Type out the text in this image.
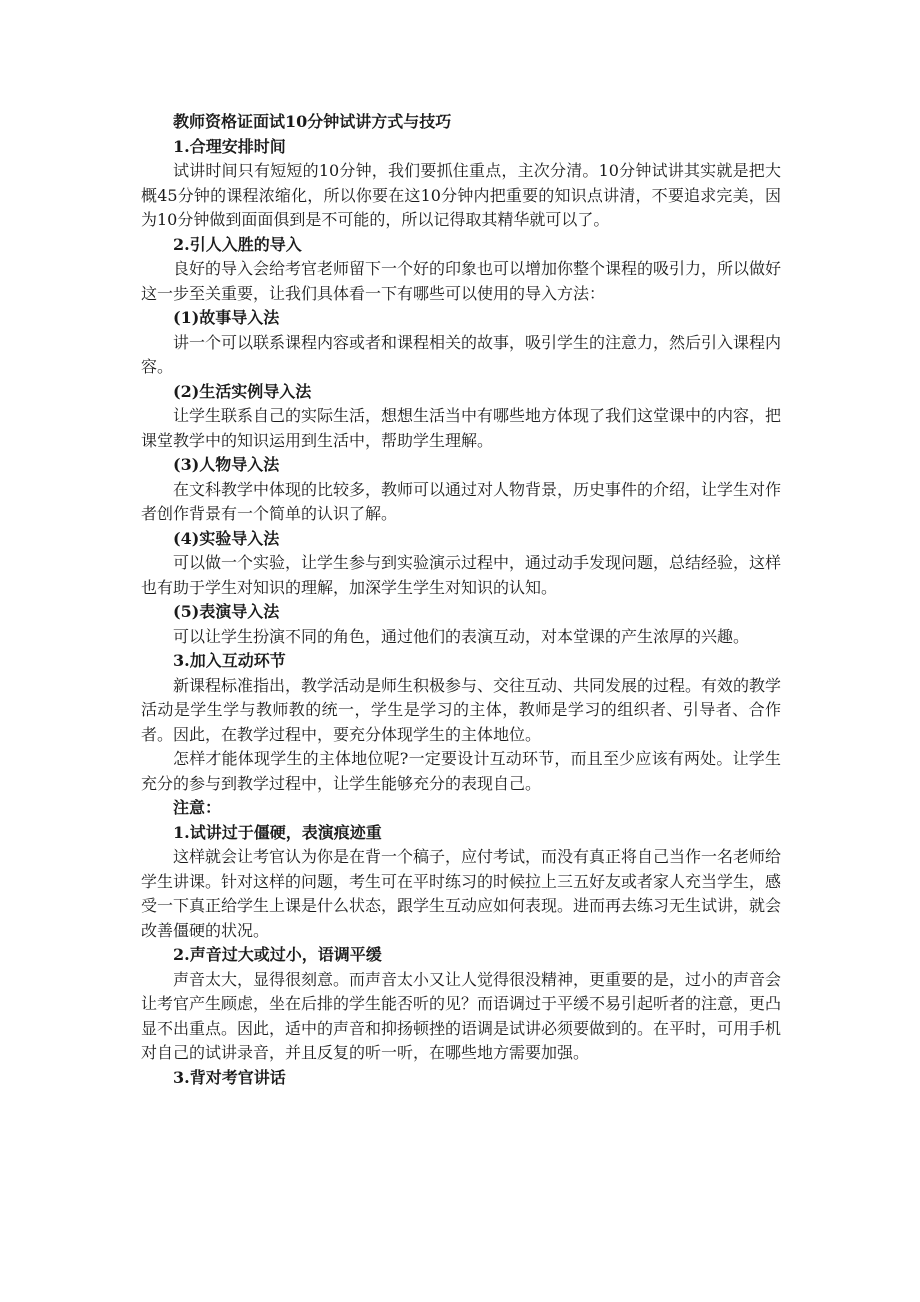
教师资格证面试10分钟试讲方式与技巧
1.合理安排时间

试讲时间只有短短的10分钟，我们要抓住重点，主次分清。10分钟试讲其实就是把大概45分钟的课程浓缩化，所以你要在这10分钟内把重要的知识点讲清，不要追求完美，因为10分钟做到面面俱到是不可能的，所以记得取其精华就可以了。

2.引人入胜的导入

良好的导入会给考官老师留下一个好的印象也可以增加你整个课程的吸引力，所以做好这一步至关重要，让我们具体看一下有哪些可以使用的导入方法：

(1)故事导入法

讲一个可以联系课程内容或者和课程相关的故事，吸引学生的注意力，然后引入课程内容。

(2)生活实例导入法

让学生联系自己的实际生活，想想生活当中有哪些地方体现了我们这堂课中的内容，把课堂教学中的知识运用到生活中，帮助学生理解。

(3)人物导入法

在文科教学中体现的比较多，教师可以通过对人物背景，历史事件的介绍，让学生对作者创作背景有一个简单的认识了解。

(4)实验导入法

可以做一个实验，让学生参与到实验演示过程中，通过动手发现问题，总结经验，这样也有助于学生对知识的理解，加深学生学生对知识的认知。

(5)表演导入法

可以让学生扮演不同的角色，通过他们的表演互动，对本堂课的产生浓厚的兴趣。

3.加入互动环节

新课程标准指出，教学活动是师生积极参与、交往互动、共同发展的过程。有效的教学活动是学生学与教师教的统一，学生是学习的主体，教师是学习的组织者、引导者、合作者。因此，在教学过程中，要充分体现学生的主体地位。

怎样才能体现学生的主体地位呢?一定要设计互动环节，而且至少应该有两处。让学生充分的参与到教学过程中，让学生能够充分的表现自己。

注意：
1.试讲过于僵硬，表演痕迹重

这样就会让考官认为你是在背一个稿子，应付考试，而没有真正将自己当作一名老师给学生讲课。针对这样的问题，考生可在平时练习的时候拉上三五好友或者家人充当学生，感受一下真正给学生上课是什么状态，跟学生互动应如何表现。进而再去练习无生试讲，就会改善僵硬的状况。

2.声音过大或过小，语调平缓

声音太大，显得很刻意。而声音太小又让人觉得很没精神，更重要的是，过小的声音会让考官产生顾虑，坐在后排的学生能否听的见？而语调过于平缓不易引起听者的注意，更凸显不出重点。因此，适中的声音和抑扬顿挫的语调是试讲必须要做到的。在平时，可用手机对自己的试讲录音，并且反复的听一听，在哪些地方需要加强。

3.背对考官讲话
